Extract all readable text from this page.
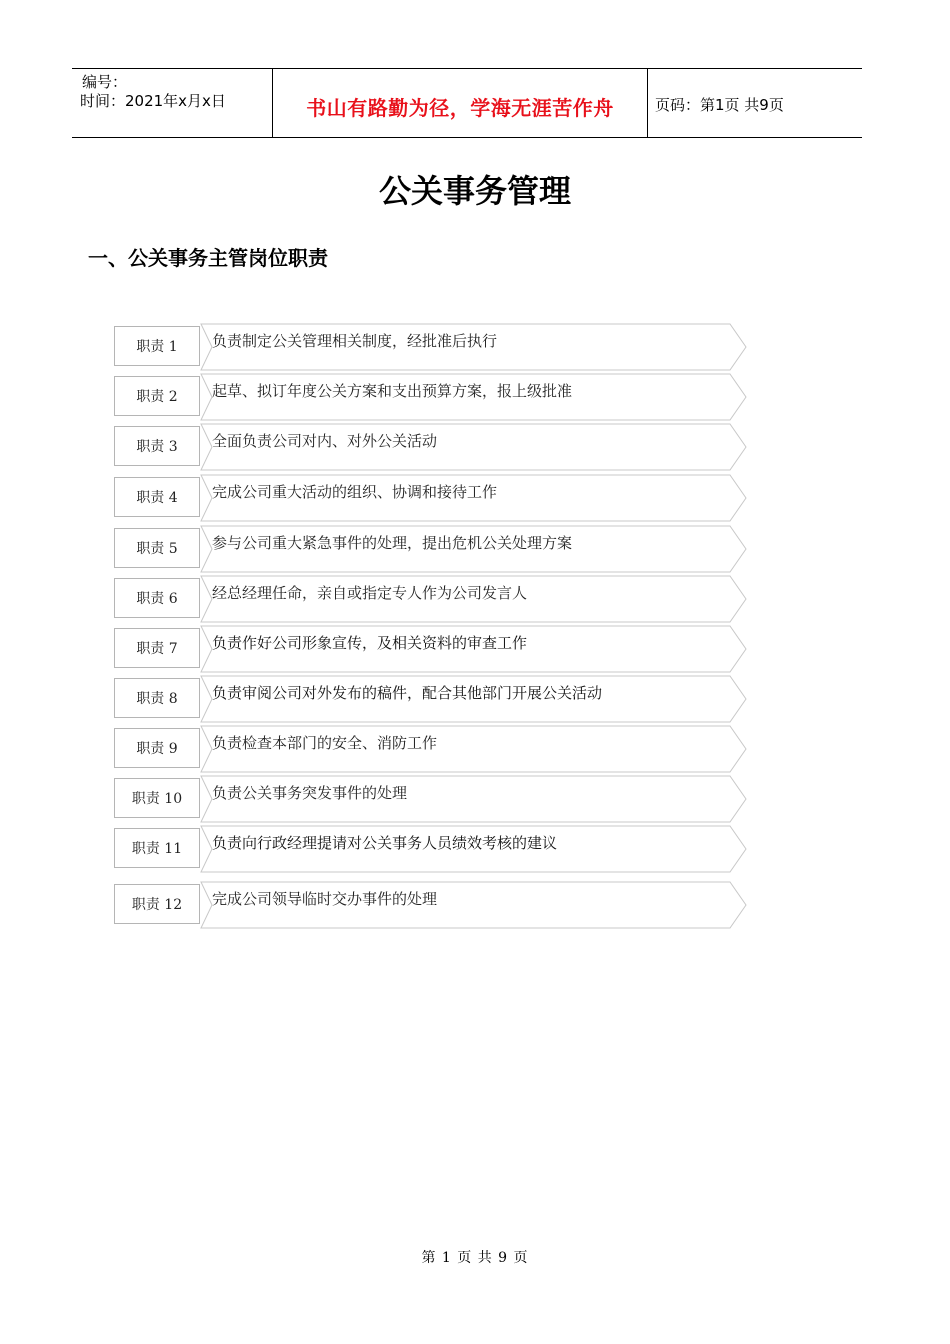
编号：
时间：2021年x月x日	书山有路勤为径，学海无涯苦作舟	页码：第1页 共9页
公关事务管理
一、公关事务主管岗位职责
职责 1	负责制定公关管理相关制度，经批准后执行
职责 2	起草、拟订年度公关方案和支出预算方案，报上级批准
职责 3	全面负责公司对内、对外公关活动
职责 4	完成公司重大活动的组织、协调和接待工作
职责 5	参与公司重大紧急事件的处理，提出危机公关处理方案
职责 6	经总经理任命，亲自或指定专人作为公司发言人
职责 7	负责作好公司形象宣传，及相关资料的审查工作
职责 8	负责审阅公司对外发布的稿件，配合其他部门开展公关活动
职责 9	负责检查本部门的安全、消防工作
职责 10	负责公关事务突发事件的处理
职责 11	负责向行政经理提请对公关事务人员绩效考核的建议
职责 12	完成公司领导临时交办事件的处理
第 1 页 共 9 页
